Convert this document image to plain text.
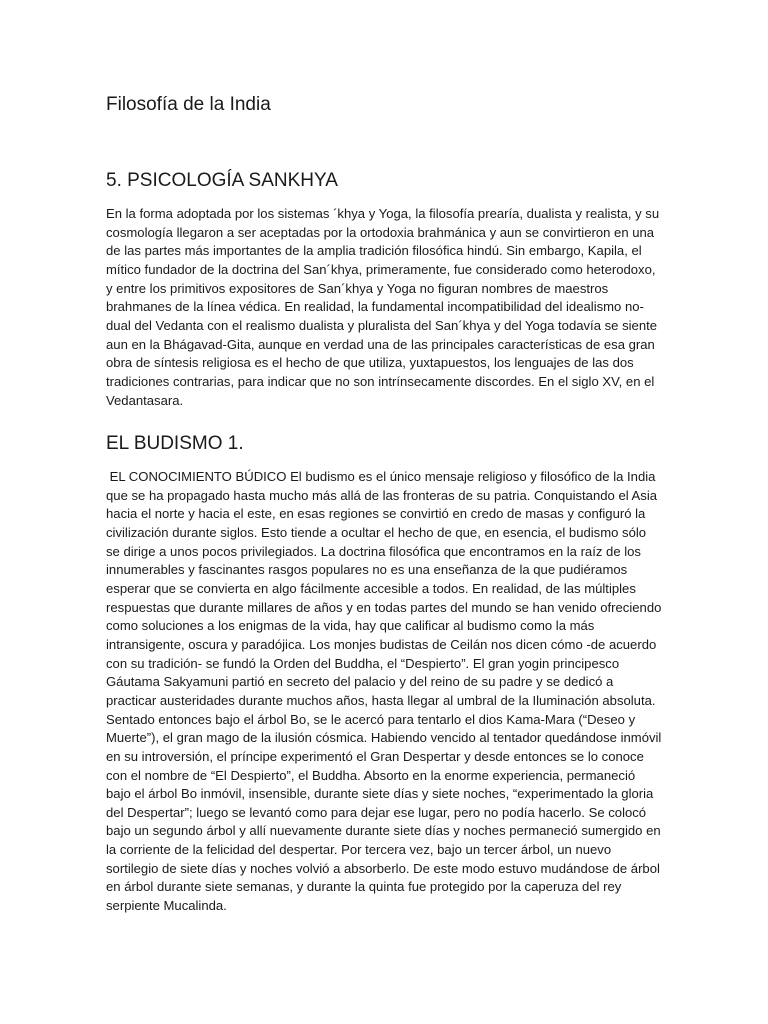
Filosofía de la India
5. PSICOLOGÍA SANKHYA

En la forma adoptada por los sistemas ´khya y Yoga, la filosofía prearía, dualista y realista, y su cosmología llegaron a ser aceptadas por la ortodoxia brahmánica y aun se convirtieron en una de las partes más importantes de la amplia tradición filosófica hindú. Sin embargo, Kapila, el mítico fundador de la doctrina del San´khya, primeramente, fue considerado como heterodoxo, y entre los primitivos expositores de San´khya y Yoga no figuran nombres de maestros brahmanes de la línea védica. En realidad, la fundamental incompatibilidad del idealismo no-dual del Vedanta con el realismo dualista y pluralista del San´khya y del Yoga todavía se siente aun en la Bhágavad-Gita, aunque en verdad una de las principales características de esa gran obra de síntesis religiosa es el hecho de que utiliza, yuxtapuestos, los lenguajes de las dos tradiciones contrarias, para indicar que no son intrínsecamente discordes. En el siglo XV, en el Vedantasara.

EL BUDISMO 1.

EL CONOCIMIENTO BÚDICO El budismo es el único mensaje religioso y filosófico de la India que se ha propagado hasta mucho más allá de las fronteras de su patria. Conquistando el Asia hacia el norte y hacia el este, en esas regiones se convirtió en credo de masas y configuró la civilización durante siglos. Esto tiende a ocultar el hecho de que, en esencia, el budismo sólo se dirige a unos pocos privilegiados. La doctrina filosófica que encontramos en la raíz de los innumerables y fascinantes rasgos populares no es una enseñanza de la que pudiéramos esperar que se convierta en algo fácilmente accesible a todos. En realidad, de las múltiples respuestas que durante millares de años y en todas partes del mundo se han venido ofreciendo como soluciones a los enigmas de la vida, hay que calificar al budismo como la más intransigente, oscura y paradójica. Los monjes budistas de Ceilán nos dicen cómo -de acuerdo con su tradición- se fundó la Orden del Buddha, el “Despierto”. El gran yogin principesco Gáutama Sakyamuni partió en secreto del palacio y del reino de su padre y se dedicó a practicar austeridades durante muchos años, hasta llegar al umbral de la Iluminación absoluta. Sentado entonces bajo el árbol Bo, se le acercó para tentarlo el dios Kama-Mara (“Deseo y Muerte”), el gran mago de la ilusión cósmica. Habiendo vencido al tentador quedándose inmóvil en su introversión, el príncipe experimentó el Gran Despertar y desde entonces se lo conoce con el nombre de “El Despierto”, el Buddha. Absorto en la enorme experiencia, permaneció bajo el árbol Bo inmóvil, insensible, durante siete días y siete noches, “experimentado la gloria del Despertar”; luego se levantó como para dejar ese lugar, pero no podía hacerlo. Se colocó bajo un segundo árbol y allí nuevamente durante siete días y noches permaneció sumergido en la corriente de la felicidad del despertar. Por tercera vez, bajo un tercer árbol, un nuevo sortilegio de siete días y noches volvió a absorberlo. De este modo estuvo mudándose de árbol en árbol durante siete semanas, y durante la quinta fue protegido por la caperuza del rey serpiente Mucalinda.
